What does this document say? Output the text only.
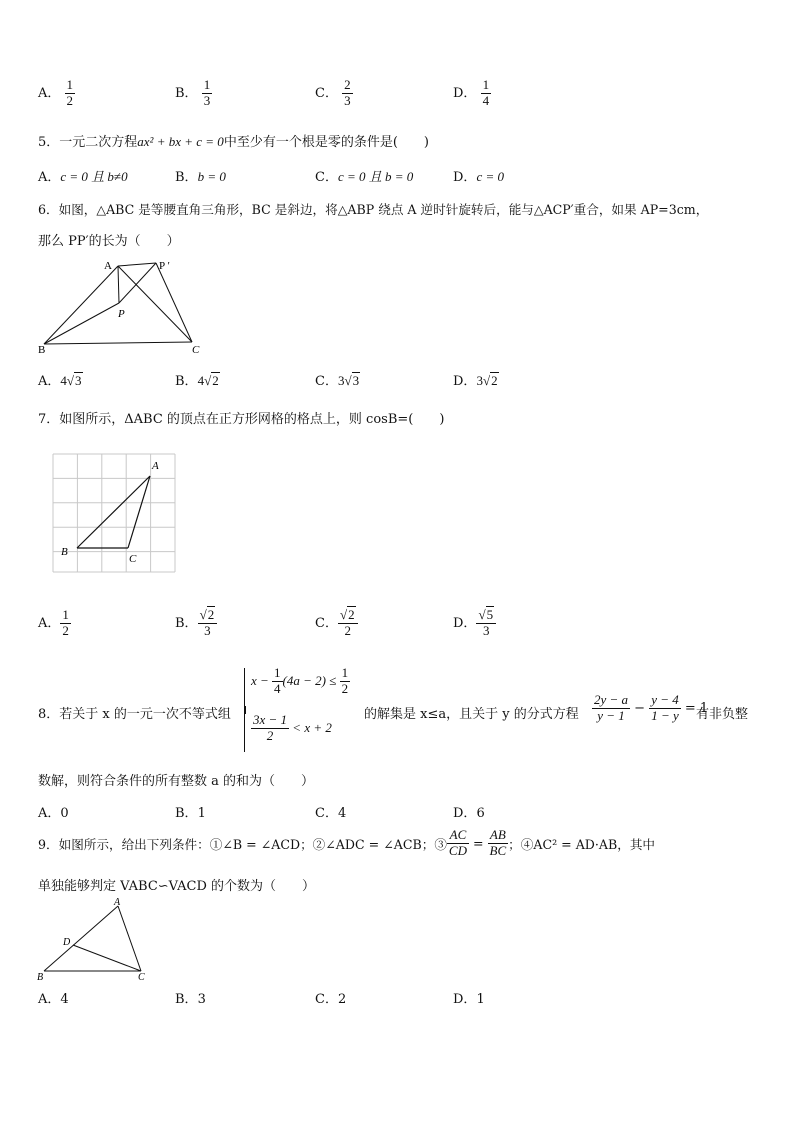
A． $\frac{1}{2}$	B． $\frac{1}{3}$	C． $\frac{2}{3}$	D． $\frac{1}{4}$
5．一元二次方程ax² + bx + c = 0中至少有一个根是零的条件是(　　)
A．c = 0 且 b≠0	B．b = 0	C．c = 0 且 b = 0	D．c = 0
6．如图，△ABC 是等腰直角三角形，BC 是斜边，将△ABP 绕点 A 逆时针旋转后，能与△ACP′重合，如果 AP=3cm，
那么 PP′的长为（　　）
A	P ′
P
B	C
A．4√3	B．4√2	C．3√3	D．3√2
7．如图所示，ΔABC 的顶点在正方形网格的格点上，则 cosB=(　　)
A
B
C
A． $\frac{1}{2}$	B． $\frac{√2}{3}$	C． $\frac{√2}{2}$	D． $\frac{√5}{3}$
8．若关于 x 的一元一次不等式组
$x - \frac{1}{4} (4a - 2) \le \frac{1}{2}$
$\frac{3x - 1}{2} < x + 2$
的解集是 x≤a，且关于 y 的分式方程 $\frac{2y - a}{y - 1} - \frac{y - 4}{1 - y} = 1$
有非负整
数解，则符合条件的所有整数 a 的和为（　　）
A．0	B．1	C．4	D．6
9．如图所示，给出下列条件：①∠B = ∠ACD；②∠ADC = ∠ACB；③ $\frac{AC}{CD} = \frac{AB}{BC}$ ；④AC² = AD·AB，其中
单独能够判定 VABC∽VACD 的个数为（　　）
A
D
B	C
A．4	B．3	C．2	D．1
